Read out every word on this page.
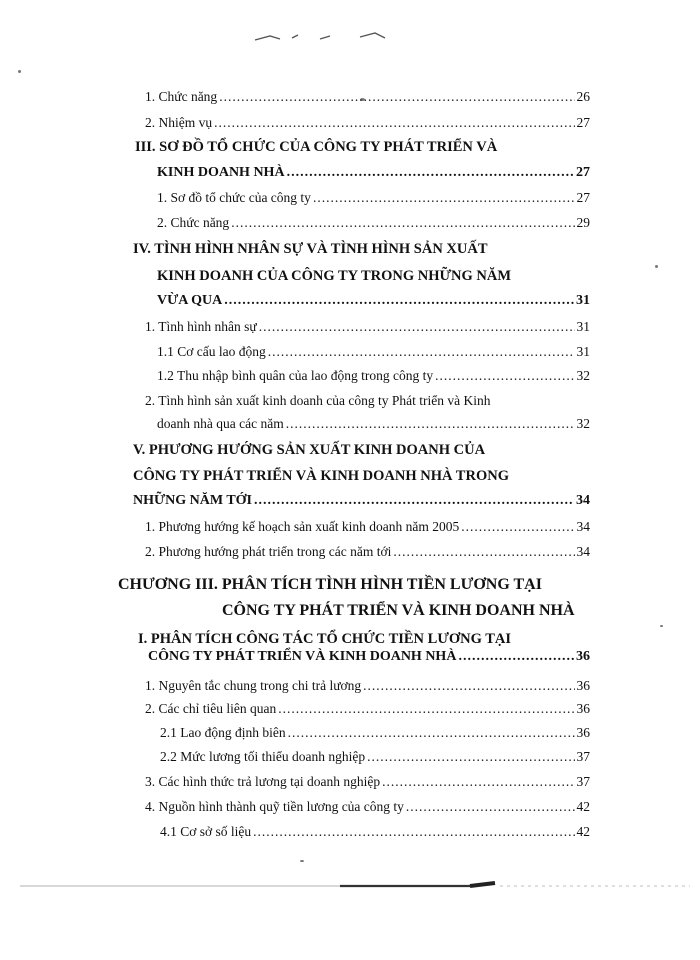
1. Chức năng .....	26
2. Nhiệm vụ .....	27
III. SƠ ĐỒ TỔ CHỨC CỦA CÔNG TY PHÁT TRIỂN VÀ
KINH DOANH NHÀ .....	27
1. Sơ đồ tổ chức của công ty .....	27
2. Chức năng .....	29
IV. TÌNH HÌNH NHÂN SỰ VÀ TÌNH HÌNH SẢN XUẤT
KINH DOANH CỦA CÔNG TY TRONG NHỮNG NĂM
VỪA QUA .....	31
1. Tình hình nhân sự .....	31
1.1 Cơ cấu lao động .....	31
1.2 Thu nhập bình quân của lao động trong công ty .....	32
2. Tình hình sản xuất kinh doanh của công ty Phát triển và Kinh
doanh nhà qua các năm .....	32
V. PHƯƠNG HƯỚNG SẢN XUẤT KINH DOANH CỦA
CÔNG TY PHÁT TRIỂN VÀ KINH DOANH NHÀ TRONG
NHỮNG NĂM TỚI .....	34
1. Phương hướng kế hoạch sản xuất kinh doanh năm 2005 .....	34
2. Phương hướng phát triển trong các năm tới .....	34
CHƯƠNG III. PHÂN TÍCH TÌNH HÌNH TIỀN LƯƠNG TẠI
CÔNG TY PHÁT TRIỂN VÀ KINH DOANH NHÀ
I. PHÂN TÍCH CÔNG TÁC TỔ CHỨC TIỀN LƯƠNG TẠI
CÔNG TY PHÁT TRIỂN VÀ KINH DOANH NHÀ .....	36
1. Nguyên tắc chung trong chi trả lương .....	36
2. Các chỉ tiêu liên quan .....	36
2.1 Lao động định biên .....	36
2.2 Mức lương tối thiểu doanh nghiệp .....	37
3. Các hình thức trả lương tại doanh nghiệp .....	37
4. Nguồn hình thành quỹ tiền lương của công ty .....	42
4.1 Cơ sở số liệu .....	42
